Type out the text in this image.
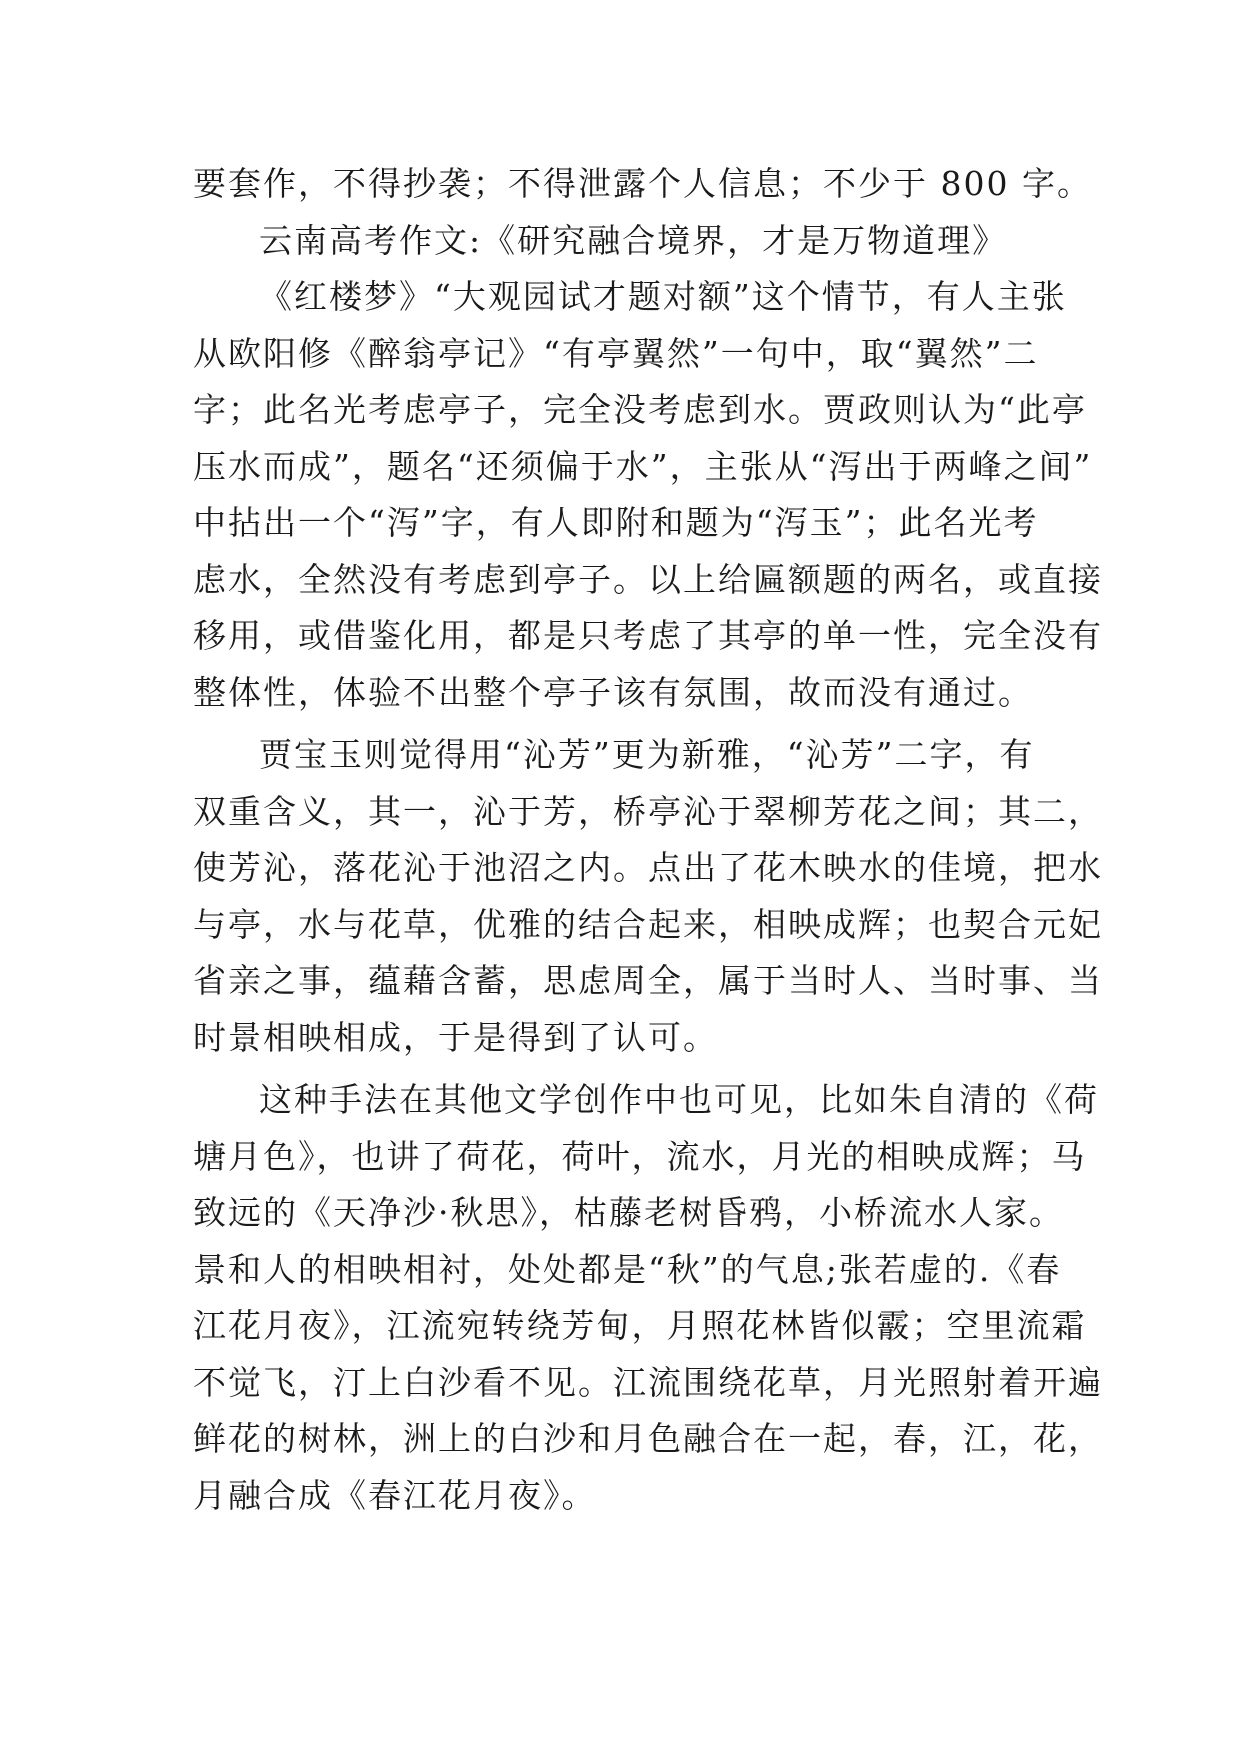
要套作，不得抄袭；不得泄露个人信息；不少于 800 字。
云南高考作文:《研究融合境界，才是万物道理》
《红楼梦》“大观园试才题对额”这个情节，有人主张
从欧阳修《醉翁亭记》“有亭翼然”一句中，取“翼然”二
字；此名光考虑亭子，完全没考虑到水。贾政则认为“此亭
压水而成”，题名“还须偏于水”，主张从“泻出于两峰之间”
中拈出一个“泻”字，有人即附和题为“泻玉”；此名光考
虑水，全然没有考虑到亭子。以上给匾额题的两名，或直接
移用，或借鉴化用，都是只考虑了其亭的单一性，完全没有
整体性，体验不出整个亭子该有氛围，故而没有通过。
贾宝玉则觉得用“沁芳”更为新雅，“沁芳”二字，有
双重含义，其一，沁于芳，桥亭沁于翠柳芳花之间；其二，
使芳沁，落花沁于池沼之内。点出了花木映水的佳境，把水
与亭，水与花草，优雅的结合起来，相映成辉；也契合元妃
省亲之事，蕴藉含蓄，思虑周全，属于当时人、当时事、当
时景相映相成，于是得到了认可。
这种手法在其他文学创作中也可见，比如朱自清的《荷
塘月色》，也讲了荷花，荷叶，流水，月光的相映成辉；马
致远的《天净沙·秋思》，枯藤老树昏鸦，小桥流水人家。
景和人的相映相衬，处处都是“秋”的气息;张若虚的.《春
江花月夜》，江流宛转绕芳甸，月照花林皆似霰；空里流霜
不觉飞，汀上白沙看不见。江流围绕花草，月光照射着开遍
鲜花的树林，洲上的白沙和月色融合在一起，春，江，花，
月融合成《春江花月夜》。
